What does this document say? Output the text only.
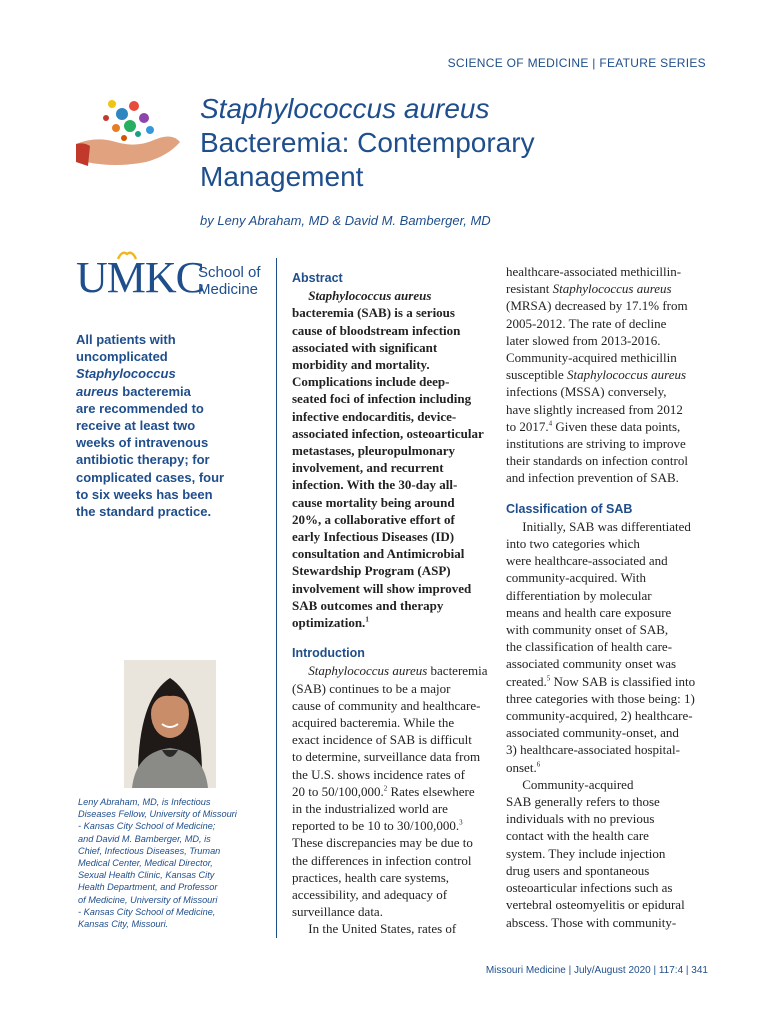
SCIENCE OF MEDICINE | FEATURE SERIES
Staphylococcus aureus
Bacteremia: Contemporary
Management
by Leny Abraham, MD & David M. Bamberger, MD
UMKC
School of
Medicine
All patients with
uncomplicated
Staphylococcus
aureus bacteremia
are recommended to
receive at least two
weeks of intravenous
antibiotic therapy; for
complicated cases, four
to six weeks has been
the standard practice.
Leny Abraham, MD, is Infectious
Diseases Fellow, University of Missouri
- Kansas City School of Medicine;
and David M. Bamberger, MD, is
Chief, Infectious Diseases, Truman
Medical Center, Medical Director,
Sexual Health Clinic, Kansas City
Health Department, and Professor
of Medicine, University of Missouri
- Kansas City School of Medicine,
Kansas City, Missouri.
Abstract
Staphylococcus aureus
bacteremia (SAB) is a serious
cause of bloodstream infection
associated with significant
morbidity and mortality.
Complications include deep-
seated foci of infection including
infective endocarditis, device-
associated infection, osteoarticular
metastases, pleuropulmonary
involvement, and recurrent
infection. With the 30-day all-
cause mortality being around
20%, a collaborative effort of
early Infectious Diseases (ID)
consultation and Antimicrobial
Stewardship Program (ASP)
involvement will show improved
SAB outcomes and therapy
optimization.$^1$
Introduction
Staphylococcus aureus bacteremia
(SAB) continues to be a major
cause of community and healthcare-
acquired bacteremia. While the
exact incidence of SAB is difficult
to determine, surveillance data from
the U.S. shows incidence rates of
20 to 50/100,000.$^2$ Rates elsewhere
in the industrialized world are
reported to be 10 to 30/100,000.$^3$
These discrepancies may be due to
the differences in infection control
practices, health care systems,
accessibility, and adequacy of
surveillance data.
In the United States, rates of
healthcare-associated methicillin-
resistant Staphylococcus aureus
(MRSA) decreased by 17.1% from
2005-2012. The rate of decline
later slowed from 2013-2016.
Community-acquired methicillin
susceptible Staphylococcus aureus
infections (MSSA) conversely,
have slightly increased from 2012
to 2017.$^4$ Given these data points,
institutions are striving to improve
their standards on infection control
and infection prevention of SAB.
Classification of SAB
Initially, SAB was differentiated
into two categories which
were healthcare-associated and
community-acquired. With
differentiation by molecular
means and health care exposure
with community onset of SAB,
the classification of health care-
associated community onset was
created.$^5$ Now SAB is classified into
three categories with those being: 1)
community-acquired, 2) healthcare-
associated community-onset, and
3) healthcare-associated hospital-
onset.$^6$
Community-acquired
SAB generally refers to those
individuals with no previous
contact with the health care
system. They include injection
drug users and spontaneous
osteoarticular infections such as
vertebral osteomyelitis or epidural
abscess. Those with community-
Missouri Medicine | July/August 2020 | 117:4 | 341
